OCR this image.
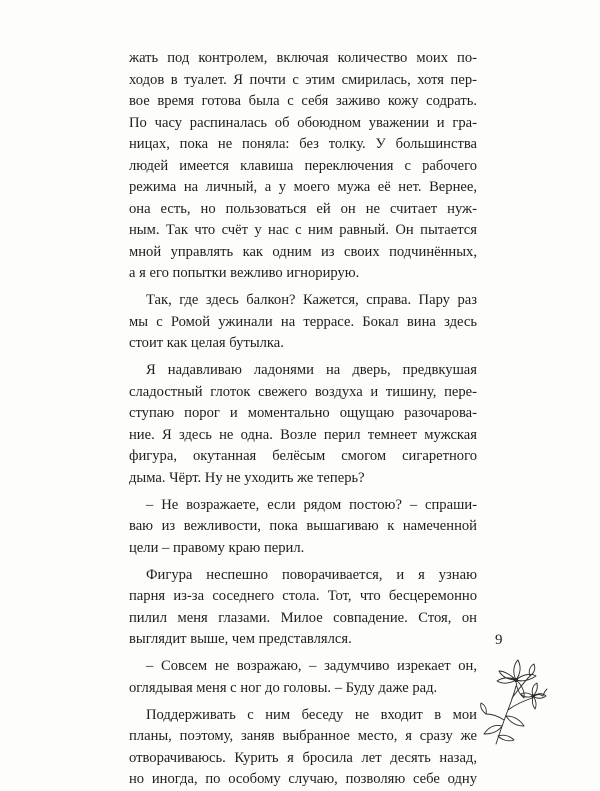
жать под контролем, включая количество моих по-
ходов в туалет. Я почти с этим смирилась, хотя пер-
вое время готова была с себя заживо кожу содрать.
По часу распиналась об обоюдном уважении и гра-
ницах, пока не поняла: без толку. У большинства
людей имеется клавиша переключения с рабочего
режима на личный, а у моего мужа её нет. Вернее,
она есть, но пользоваться ей он не считает нуж-
ным. Так что счёт у нас с ним равный. Он пытается
мной управлять как одним из своих подчинённых,
а я его попытки вежливо игнорирую.

Так, где здесь балкон? Кажется, справа. Пару раз
мы с Ромой ужинали на террасе. Бокал вина здесь
стоит как целая бутылка.

Я надавливаю ладонями на дверь, предвкушая
сладостный глоток свежего воздуха и тишину, пере-
ступаю порог и моментально ощущаю разочарова-
ние. Я здесь не одна. Возле перил темнеет мужская
фигура, окутанная белёсым смогом сигаретного
дыма. Чёрт. Ну не уходить же теперь?

– Не возражаете, если рядом постою? – спраши-
ваю из вежливости, пока вышагиваю к намеченной
цели – правому краю перил.

Фигура неспешно поворачивается, и я узнаю
парня из-за соседнего стола. Тот, что бесцеремонно
пилил меня глазами. Милое совпадение. Стоя, он
выглядит выше, чем представлялся.

– Совсем не возражаю, – задумчиво изрекает он,
оглядывая меня с ног до головы. – Буду даже рад.

Поддерживать с ним беседу не входит в мои
планы, поэтому, заняв выбранное место, я сразу же
отворачиваюсь. Курить я бросила лет десять назад,
но иногда, по особому случаю, позволяю себе одну

9
